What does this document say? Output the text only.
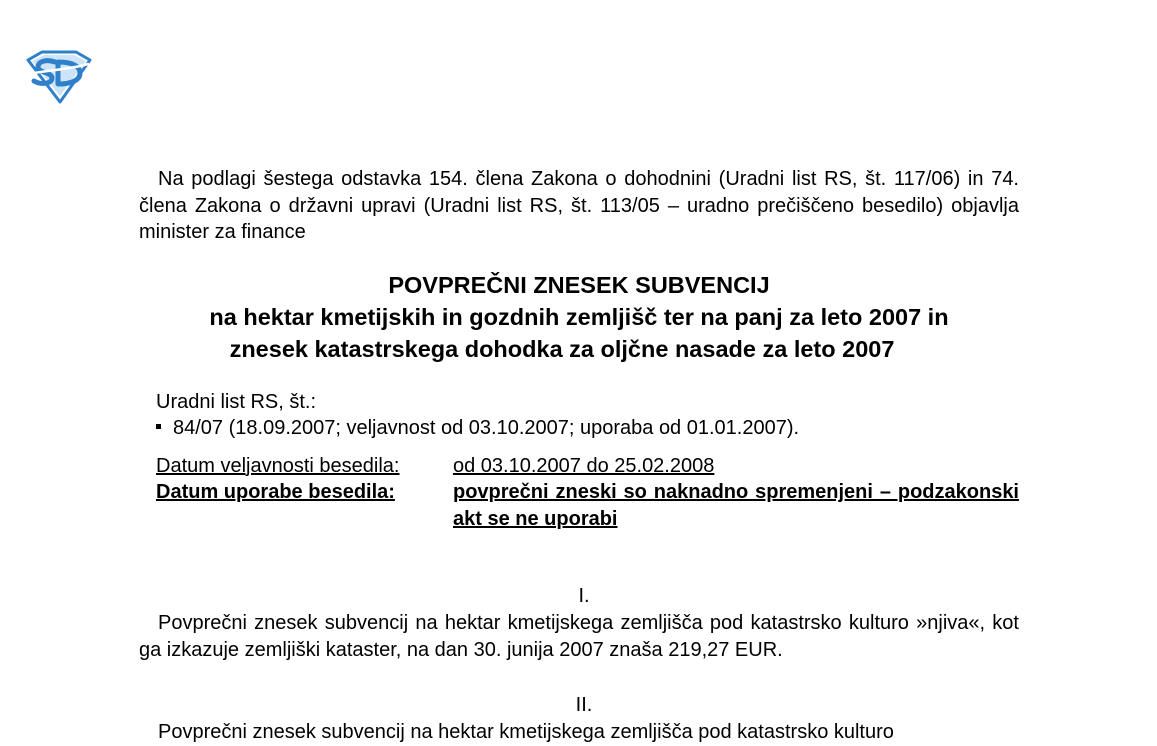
Na podlagi šestega odstavka 154. člena Zakona o dohodnini (Uradni list RS, št. 117/06) in 74. člena Zakona o državni upravi (Uradni list RS, št. 113/05 – uradno prečiščeno besedilo) objavlja minister za finance

POVPREČNI ZNESEK SUBVENCIJ
na hektar kmetijskih in gozdnih zemljišč ter na panj za leto 2007 in
znesek katastrskega dohodka za oljčne nasade za leto 2007
Uradni list RS, št.:
84/07 (18.09.2007; veljavnost od 03.10.2007; uporaba od 01.01.2007).
Datum veljavnosti besedila:	od 03.10.2007 do 25.02.2008
Datum uporabe besedila:	povprečni zneski so naknadno spremenjeni – podzakonski akt se ne uporabi
I.

Povprečni znesek subvencij na hektar kmetijskega zemljišča pod katastrsko kulturo »njiva«, kot ga izkazuje zemljiški kataster, na dan 30. junija 2007 znaša 219,27 EUR.

II.

Povprečni znesek subvencij na hektar kmetijskega zemljišča pod katastrsko kulturo
